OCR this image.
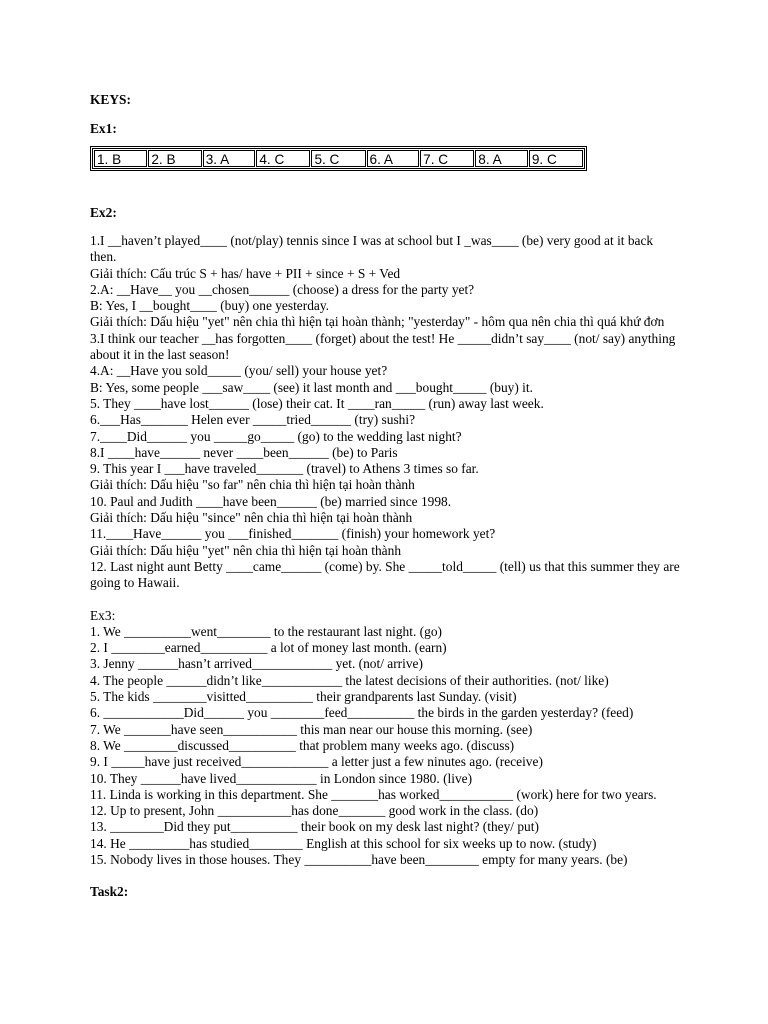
KEYS:
Ex1:
1. B	2. B	3. A	4. C	5. C	6. A	7. C	8. A	9. C
Ex2:
1.I __haven’t played____ (not/play) tennis since I was at school but I _was____ (be) very good at it back then.
Giải thích: Cấu trúc S + has/ have + PII + since + S + Ved
2.A: __Have__ you __chosen______ (choose) a dress for the party yet?
B: Yes, I __bought____ (buy) one yesterday.
Giải thích: Dấu hiệu "yet" nên chia thì hiện tại hoàn thành; "yesterday" - hôm qua nên chia thì quá khứ đơn
3.I think our teacher __has forgotten____ (forget) about the test! He _____didn’t say____ (not/ say) anything about it in the last season!
4.A: __Have you sold_____ (you/ sell) your house yet?
B: Yes, some people ___saw____ (see) it last month and ___bought_____ (buy) it.
5. They ____have lost______ (lose) their cat. It ____ran_____ (run) away last week.
6.___Has_______ Helen ever _____tried______ (try) sushi?
7.____Did______ you _____go_____ (go) to the wedding last night?
8.I ____have______ never ____been______ (be) to Paris
9. This year I ___have traveled_______ (travel) to Athens 3 times so far.
Giải thích: Dấu hiệu "so far" nên chia thì hiện tại hoàn thành
10. Paul and Judith ____have been______ (be) married since 1998.
Giải thích: Dấu hiệu "since" nên chia thì hiện tại hoàn thành
11.____Have______ you ___finished_______ (finish) your homework yet?
Giải thích: Dấu hiệu "yet" nên chia thì hiện tại hoàn thành
12. Last night aunt Betty ____came______ (come) by. She _____told_____ (tell) us that this summer they are going to Hawaii.
Ex3:
1. We __________went________ to the restaurant last night. (go)
2. I ________earned__________ a lot of money last month. (earn)
3. Jenny ______hasn’t arrived____________ yet. (not/ arrive)
4. The people ______didn’t like____________ the latest decisions of their authorities. (not/ like)
5. The kids ________visitted__________ their grandparents last Sunday. (visit)
6. ____________Did______ you ________feed__________ the birds in the garden yesterday? (feed)
7. We _______have seen___________ this man near our house this morning. (see)
8. We ________discussed__________ that problem many weeks ago. (discuss)
9. I _____have just received_____________ a letter just a few ninutes ago. (receive)
10. They ______have lived____________ in London since 1980. (live)
11. Linda is working in this department. She _______has worked___________ (work) here for two years.
12. Up to present, John ___________has done_______ good work in the class. (do)
13. ________Did they put__________ their book on my desk last night? (they/ put)
14. He _________has studied________ English at this school for six weeks up to now. (study)
15. Nobody lives in those houses. They __________have been________ empty for many years. (be)
Task2:
